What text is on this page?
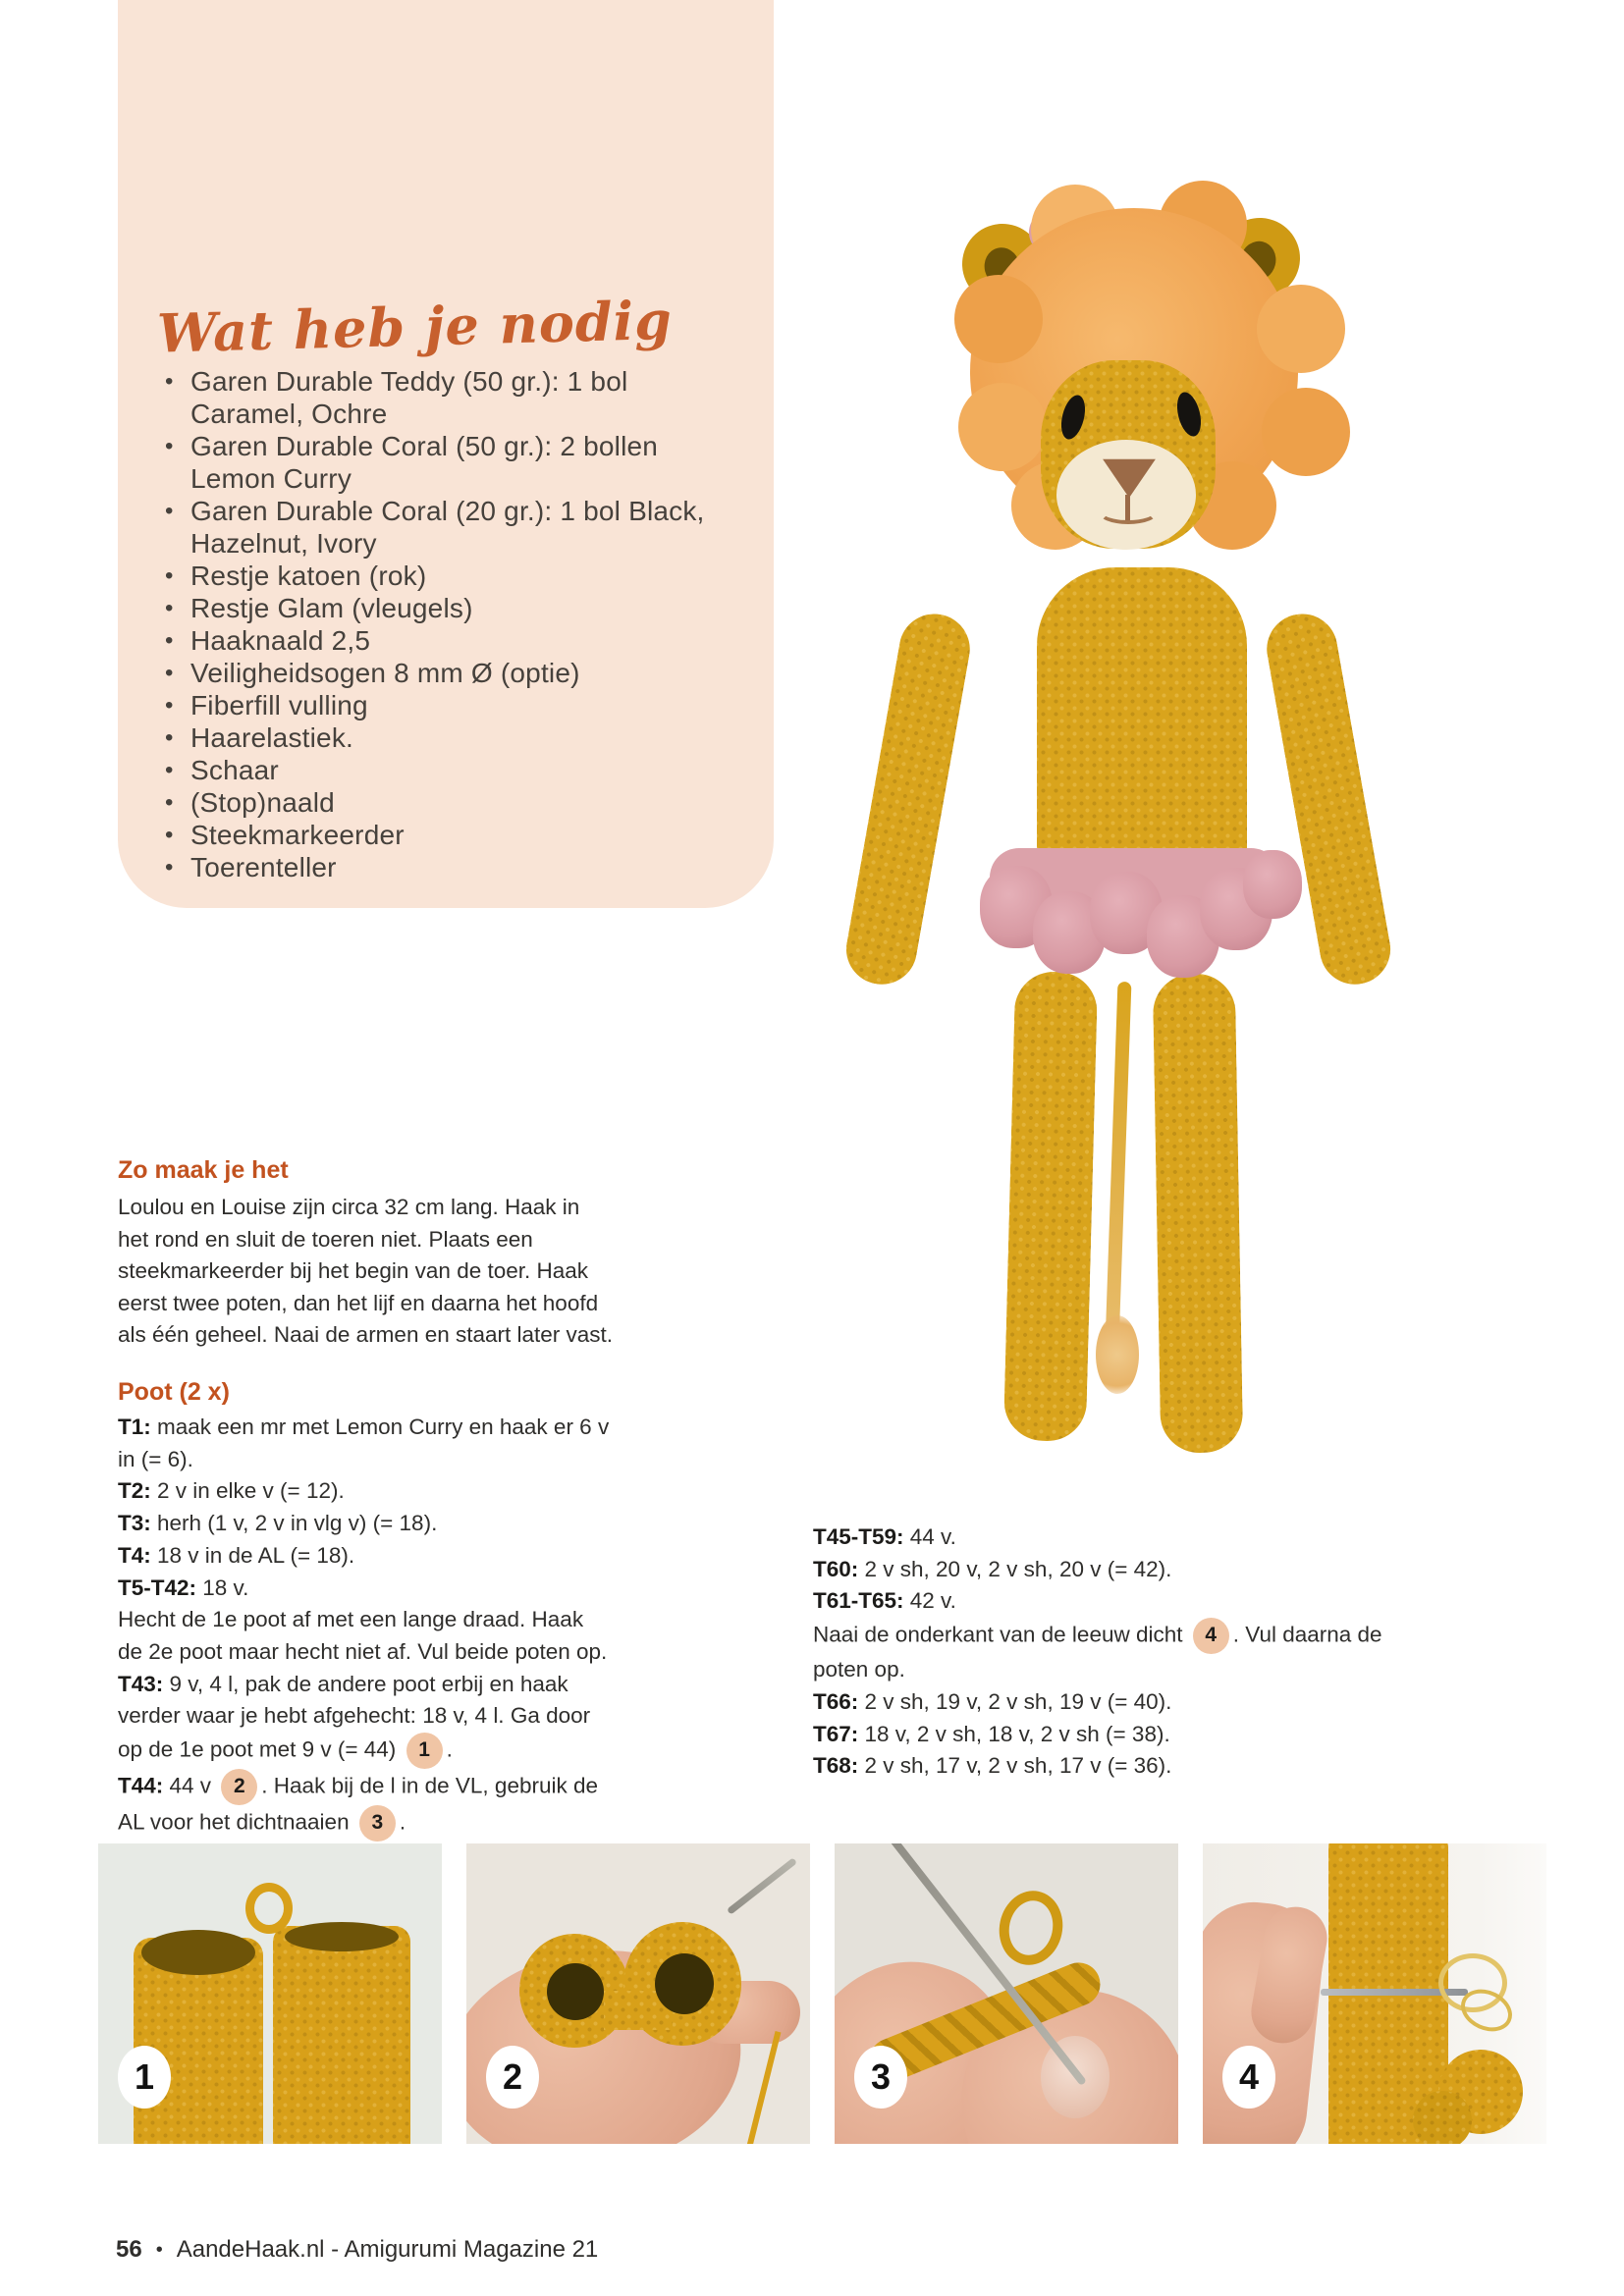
Wat heb je nodig
• Garen Durable Teddy (50 gr.): 1 bol Caramel, Ochre
• Garen Durable Coral (50 gr.): 2 bollen Lemon Curry
• Garen Durable Coral (20 gr.): 1 bol Black, Hazelnut, Ivory
• Restje katoen (rok)
• Restje Glam (vleugels)
• Haaknaald 2,5
• Veiligheidsogen 8 mm Ø (optie)
• Fiberfill vulling
• Haarelastiek.
• Schaar
• (Stop)naald
• Steekmarkeerder
• Toerenteller
Zo maak je het

Loulou en Louise zijn circa 32 cm lang. Haak in het rond en sluit de toeren niet. Plaats een steekmarkeerder bij het begin van de toer. Haak eerst twee poten, dan het lijf en daarna het hoofd als één geheel. Naai de armen en staart later vast.

Poot (2 x)

T1: maak een mr met Lemon Curry en haak er 6 v in (= 6).

T2: 2 v in elke v (= 12).

T3: herh (1 v, 2 v in vlg v) (= 18).

T4: 18 v in de AL (= 18).

T5-T42: 18 v.

Hecht de 1e poot af met een lange draad. Haak de 2e poot maar hecht niet af. Vul beide poten op.

T43: 9 v, 4 l, pak de andere poot erbij en haak verder waar je hebt afgehecht: 18 v, 4 l. Ga door op de 1e poot met 9 v (= 44) 1 .

T44: 44 v 2 . Haak bij de l in de VL, gebruik de AL voor het dichtnaaien 3 .

T45-T59: 44 v.

T60: 2 v sh, 20 v, 2 v sh, 20 v (= 42).

T61-T65: 42 v.

Naai de onderkant van de leeuw dicht 4 . Vul daarna de poten op.

T66: 2 v sh, 19 v, 2 v sh, 19 v (= 40).

T67: 18 v, 2 v sh, 18 v, 2 v sh (= 38).

T68: 2 v sh, 17 v, 2 v sh, 17 v (= 36).

1	2	3	4
56 • AandeHaak.nl - Amigurumi Magazine 21
